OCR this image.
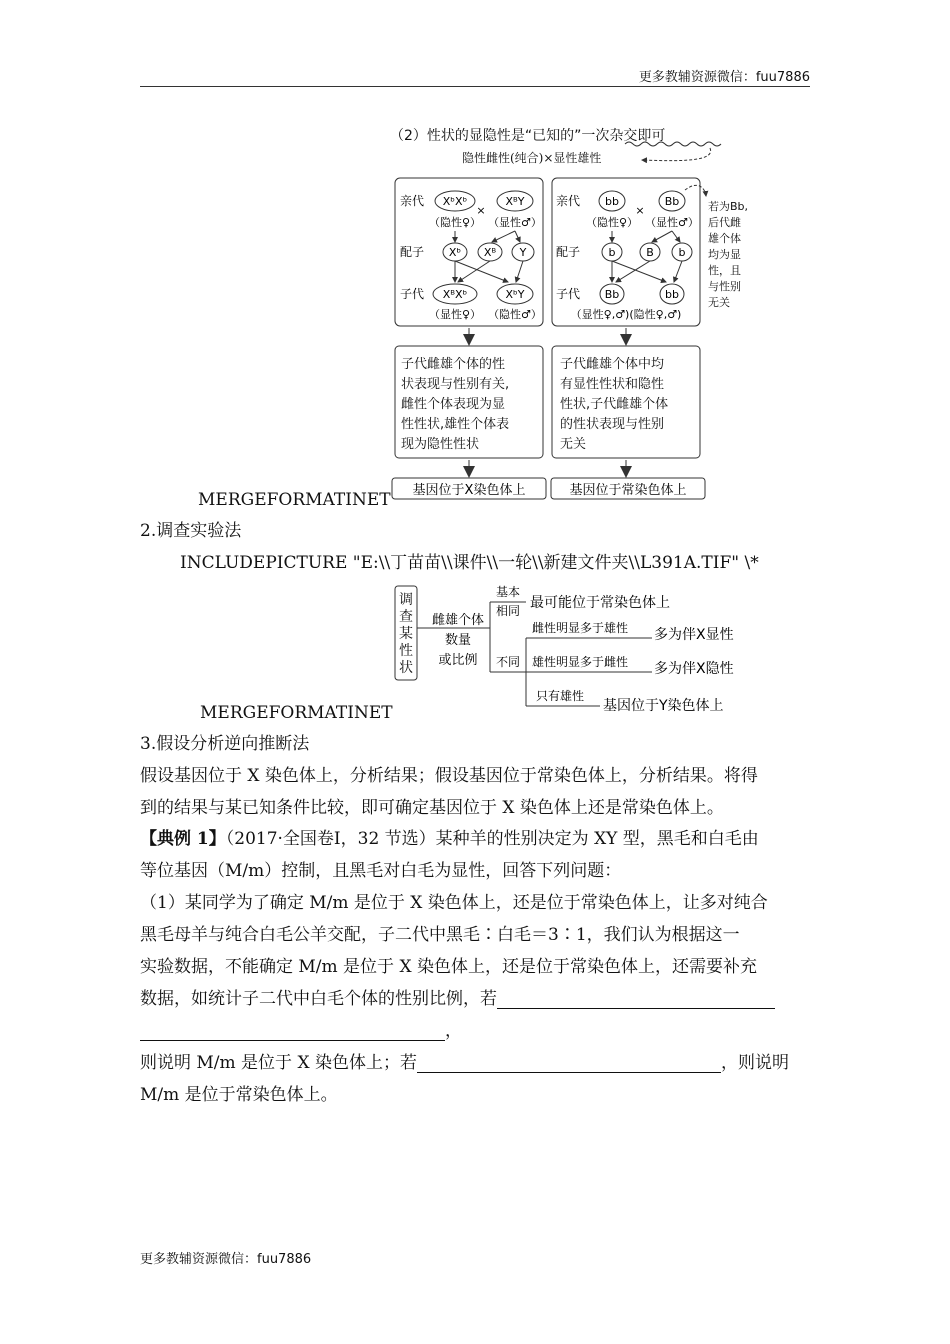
更多教辅资源微信：fuu7886
（2）性状的显隐性是“已知的”一次杂交即可
隐性雌性(纯合)×显性雄性
亲代 XᵇXᵇ
×
XᴮY
（隐性♀） （显性♂）
配子 Xᵇ Xᴮ Y
子代 XᴮXᵇ	XᵇY
（显性♀） （隐性♂）
亲代 bb
×
Bb
（隐性♀） （显性♂）
配子	b	B b
子代 Bb	bb
（显性♀,♂)(隐性♀,♂)
若为Bb,
后代雌
雄个体
均为显
性，且
与性别
无关
子代雌雄个体的性
状表现与性别有关,
雌性个体表现为显
性性状,雄性个体表
现为隐性性状
子代雌雄个体中均
有显性性状和隐性
性状,子代雌雄个体
的性状表现与性别
无关
基因位于X染色体上	基因位于常染色体上
MERGEFORMATINET
2.调查实验法
INCLUDEPICTURE "E:\\丁苗苗\\课件\\一轮\\新建文件夹\\L391A.TIF" \*
调
查
某
性
状
雌雄个体
数量
或比例
基本
相同 最可能位于常染色体上
不同
雌性明显多于雄性 多为伴X显性
雄性明显多于雌性 多为伴X隐性
只有雄性
基因位于Y染色体上
MERGEFORMATINET
3.假设分析逆向推断法
假设基因位于 X 染色体上，分析结果；假设基因位于常染色体上，分析结果。将得
到的结果与某已知条件比较，即可确定基因位于 X 染色体上还是常染色体上。
【典例 1】（2017·全国卷Ⅰ，32 节选）某种羊的性别决定为 XY 型，黑毛和白毛由
等位基因（M/m）控制，且黑毛对白毛为显性，回答下列问题：
（1）某同学为了确定 M/m 是位于 X 染色体上，还是位于常染色体上，让多对纯合
黑毛母羊与纯合白毛公羊交配，子二代中黑毛∶白毛＝3∶1，我们认为根据这一
实验数据，不能确定 M/m 是位于 X 染色体上，还是位于常染色体上，还需要补充
数据，如统计子二代中白毛个体的性别比例，若
，
则说明 M/m 是位于 X 染色体上；若	，则说明
M/m 是位于常染色体上。
更多教辅资源微信：fuu7886
